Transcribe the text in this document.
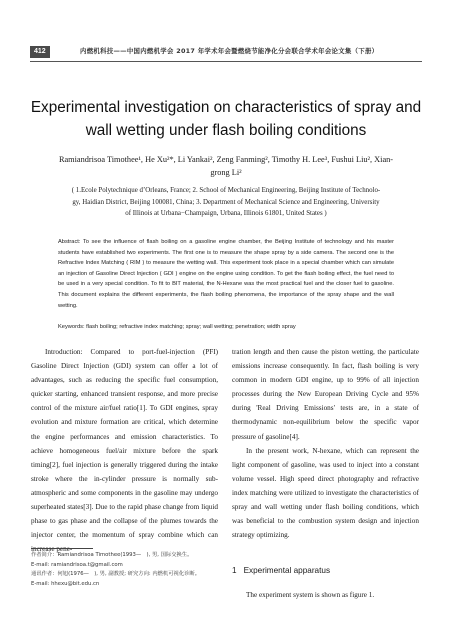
412	内燃机科技——中国内燃机学会 2017 年学术年会暨燃烧节能净化分会联合学术年会论文集（下册）
Experimental investigation on characteristics of spray and
wall wetting under flash boiling conditions
Ramiandrisoa Timothee¹, He Xu²*, Li Yankai², Zeng Fanming², Timothy H. Lee³, Fushui Liu², Xian-
grong Li²
( 1.Ecole Polytechnique d’Orleans, France; 2. School of Mechanical Engineering, Beijing Institute of Technolo-
gy, Haidian District, Beijing 100081, China; 3. Department of Mechanical Science and Engineering, University
of Illinois at Urbana−Champaign, Urbana, Illinois 61801, United States )
Abstract: To see the influence of flash boiling on a gasoline engine chamber, the Beijing Institute of technology and his master students have established two experiments. The first one is to measure the shape spray by a side camera. The second one is the Refractive Index Matching ( RIM ) to measure the wetting wall. This experiment took place in a special chamber which can simulate an injection of Gasoline Direct Injection ( GDI ) engine on the engine using condition. To get the flash boiling effect, the fuel need to be used in a very special condition. To fit to BIT material, the N-Hexane was the most practical fuel and the closer fuel to gasoline. This document explains the different experiments, the flash boiling phenomena, the importance of the spray shape and the wall wetting.
Keywords: flash boiling; refractive index matching; spray; wall wetting; penetration; width spray

Introduction: Compared to port-fuel-injection (PFI) Gasoline Direct Injection (GDI) system can offer a lot of advantages, such as reducing the specific fuel consumption, quicker starting, enhanced transient response, and more precise control of the mixture air/fuel ratio[1]. To GDI engines, spray evolution and mixture formation are critical, which determine the engine performances and emission characteristics. To achieve homogeneous fuel/air mixture before the spark timing[2], fuel injection is generally triggered during the intake stroke where the in-cylinder pressure is normally sub-atmospheric and some components in the gasoline may undergo superheated states[3]. Due to the rapid phase change from liquid phase to gas phase and the collapse of the plumes towards the injector center, the momentum of spray combine which can increase pene-

tration length and then cause the piston wetting, the particulate emissions increase consequently. In fact, flash boiling is very common in modern GDI engine, up to 99% of all injection processes during the New European Driving Cycle and 95% during 'Real Driving Emissions' tests are, in a state of thermodynamic non-equilibrium below the specific vapor pressure of gasoline[4].

In the present work, N-hexane, which can represent the light component of gasoline, was used to inject into a constant volume vessel. High speed direct photography and refractive index matching were utilized to investigate the characteristics of spray and wall wetting under flash boiling conditions, which was beneficial to the combustion system design and injection strategy optimizing.

1 Experimental apparatus
The experiment system is shown as figure 1.
作者简介：Ramiandrisoa Timothee(1993—　), 男, 国际交换生。
E-mail: ramiandrisoa.t@gmail.com
通讯作者：何旭(1976—　), 男, 副教授; 研究方向: 内燃机可视化诊断。
E-mail: hhexu@bit.edu.cn
